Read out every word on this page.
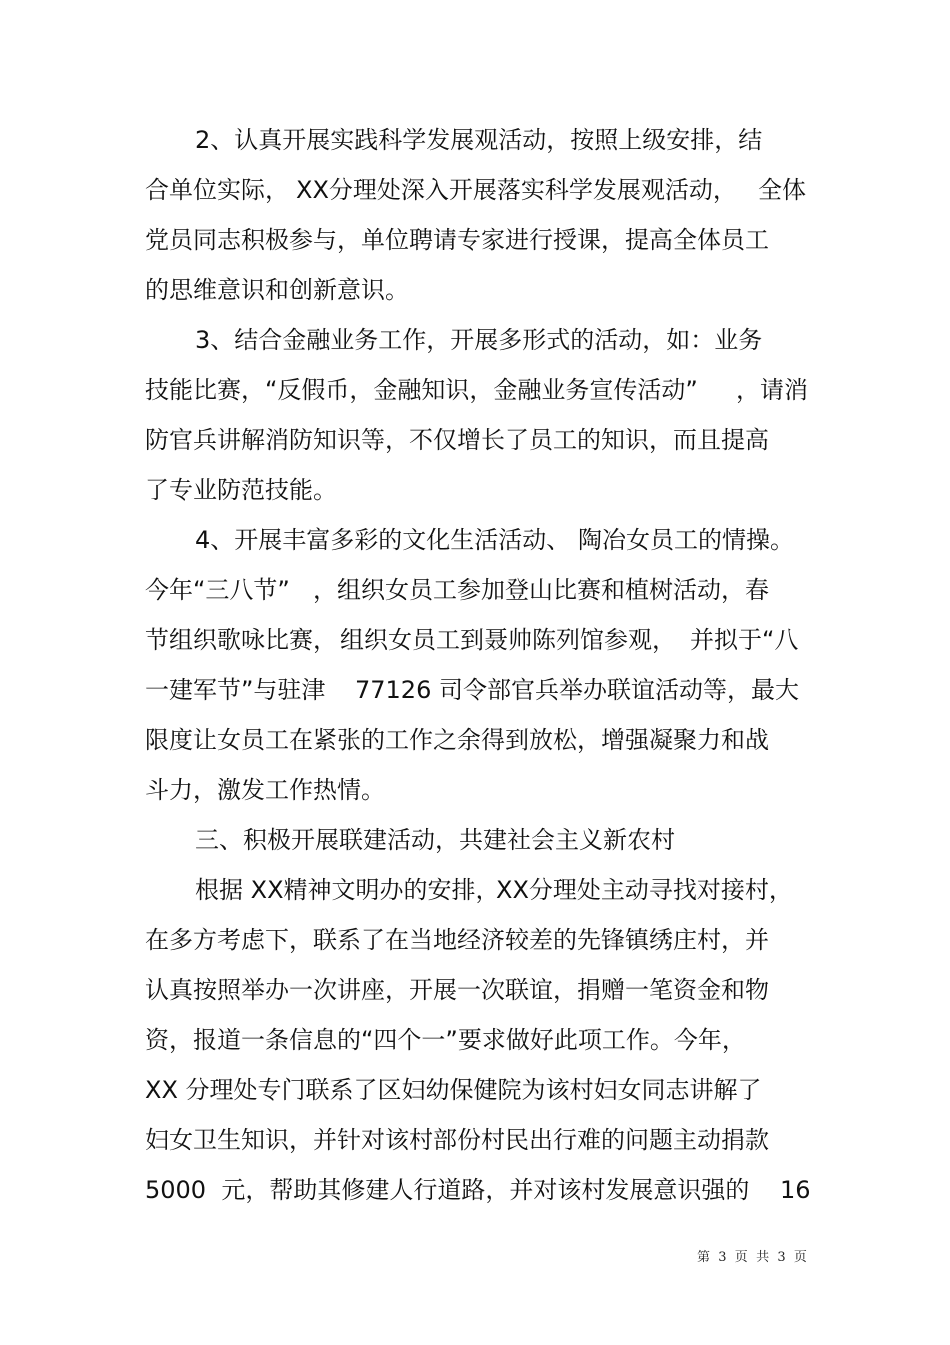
2、认真开展实践科学发展观活动，按照上级安排，结
合单位实际， XX分理处深入开展落实科学发展观活动， 全体
党员同志积极参与，单位聘请专家进行授课，提高全体员工
的思维意识和创新意识。
3、结合金融业务工作，开展多形式的活动，如：业务
技能比赛，“反假币，金融知识，金融业务宣传活动” ，请消
防官兵讲解消防知识等，不仅增长了员工的知识，而且提高
了专业防范技能。
4、开展丰富多彩的文化生活活动、 陶冶女员工的情操。
今年“三八节” ，组织女员工参加登山比赛和植树活动，春
节组织歌咏比赛， 组织女员工到聂帅陈列馆参观， 并拟于“八
一建军节”与驻津 77126 司令部官兵举办联谊活动等，最大
限度让女员工在紧张的工作之余得到放松，增强凝聚力和战
斗力，激发工作热情。
三、积极开展联建活动，共建社会主义新农村
根据 XX精神文明办的安排，
XX分理处主动寻找对接村，
在多方考虑下，联系了在当地经济较差的先锋镇绣庄村，并
认真按照举办一次讲座，开展一次联谊，捐赠一笔资金和物
资，报道一条信息的“四个一”要求做好此项工作。今年，
XX 分理处专门联系了区妇幼保健院为该村妇女同志讲解了
妇女卫生知识，并针对该村部份村民出行难的问题主动捐款
5000  元，帮助其修建人行道路，并对该村发展意识强的 16
第  3  页  共  3  页
